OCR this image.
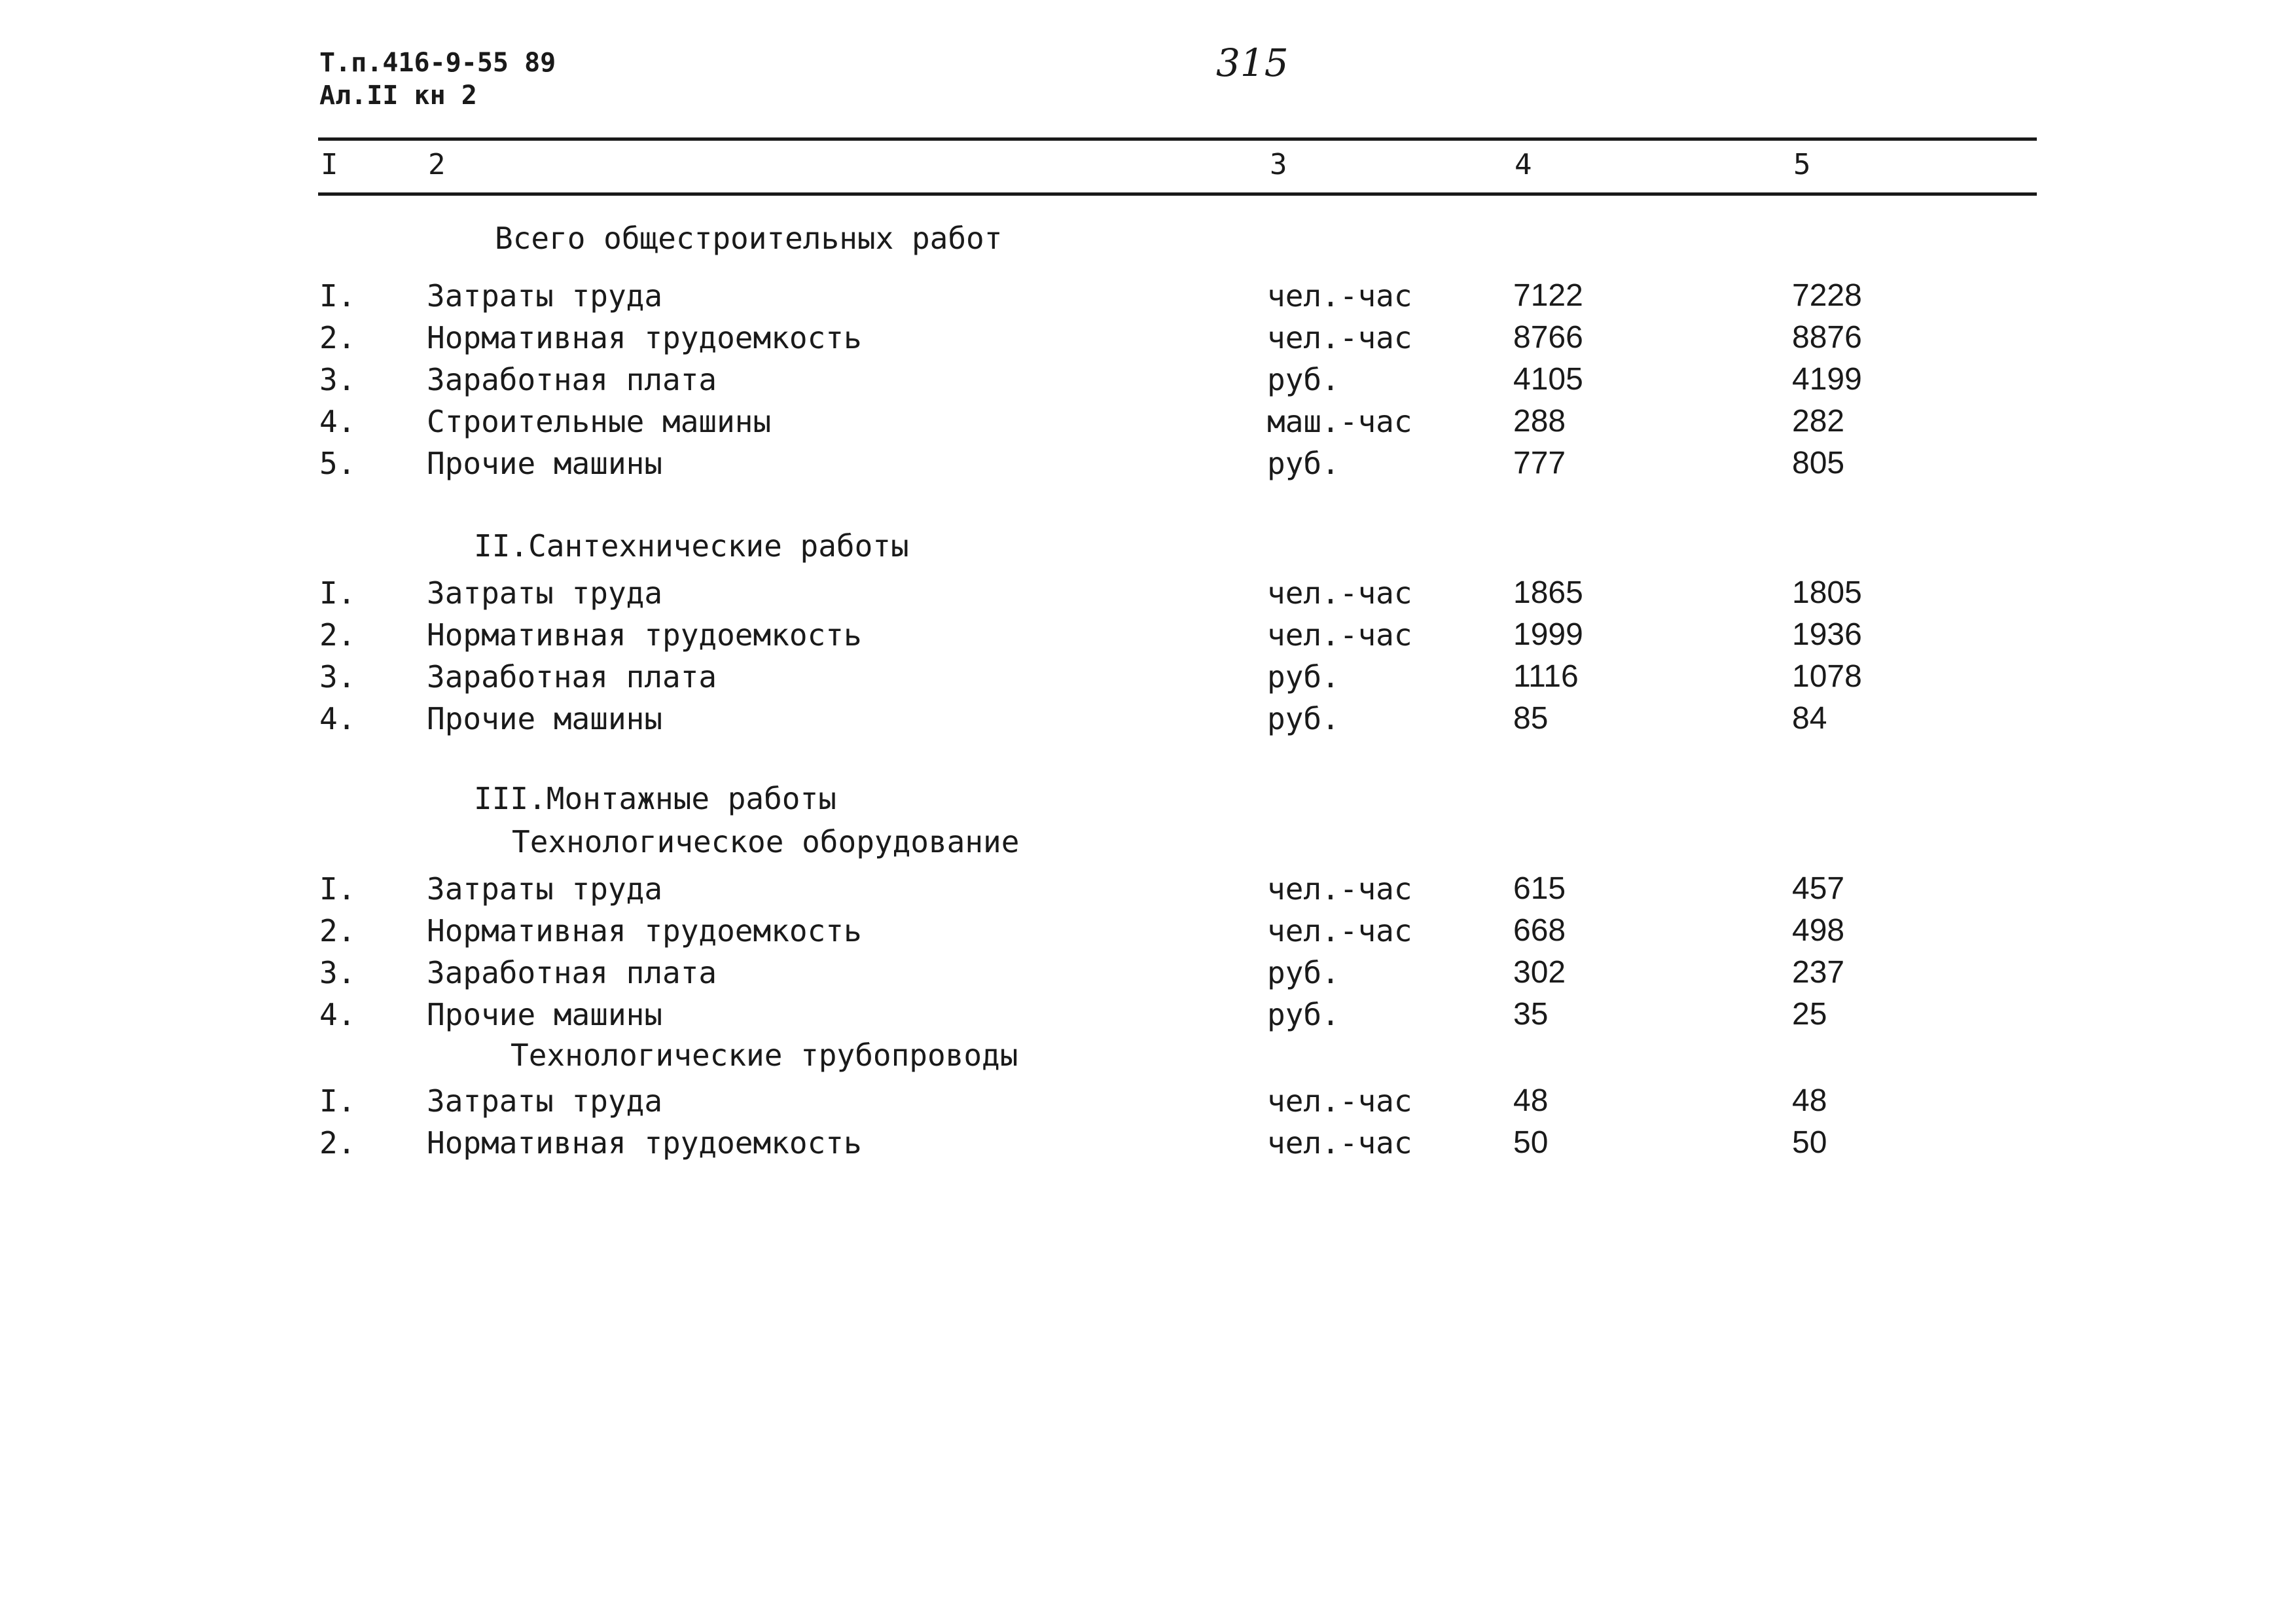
Т.п.416-9-55 89
Ал.II кн 2
315
I	2	3	4	5
Всего общестроительных работ
I. Затраты труда	чел.-час	7122	7228
2. Нормативная трудоемкость	чел.-час	8766	8876
3. Заработная плата	руб.	4105	4199
4. Строительные машины	маш.-час	288	282
5. Прочие машины	руб.	777	805
II.Сантехнические работы
I. Затраты труда	чел.-час	1865	1805
2. Нормативная трудоемкость	чел.-час	1999	1936
3. Заработная плата	руб.	1116	1078
4. Прочие машины	руб.	85	84
III.Монтажные работы
Технологическое оборудование
I. Затраты труда	чел.-час	615	457
2. Нормативная трудоемкость	чел.-час	668	498
3. Заработная плата	руб.	302	237
4. Прочие машины	руб.	35	25
Технологические трубопроводы
I. Затраты труда	чел.-час	48	48
2. Нормативная трудоемкость	чел.-час	50	50
